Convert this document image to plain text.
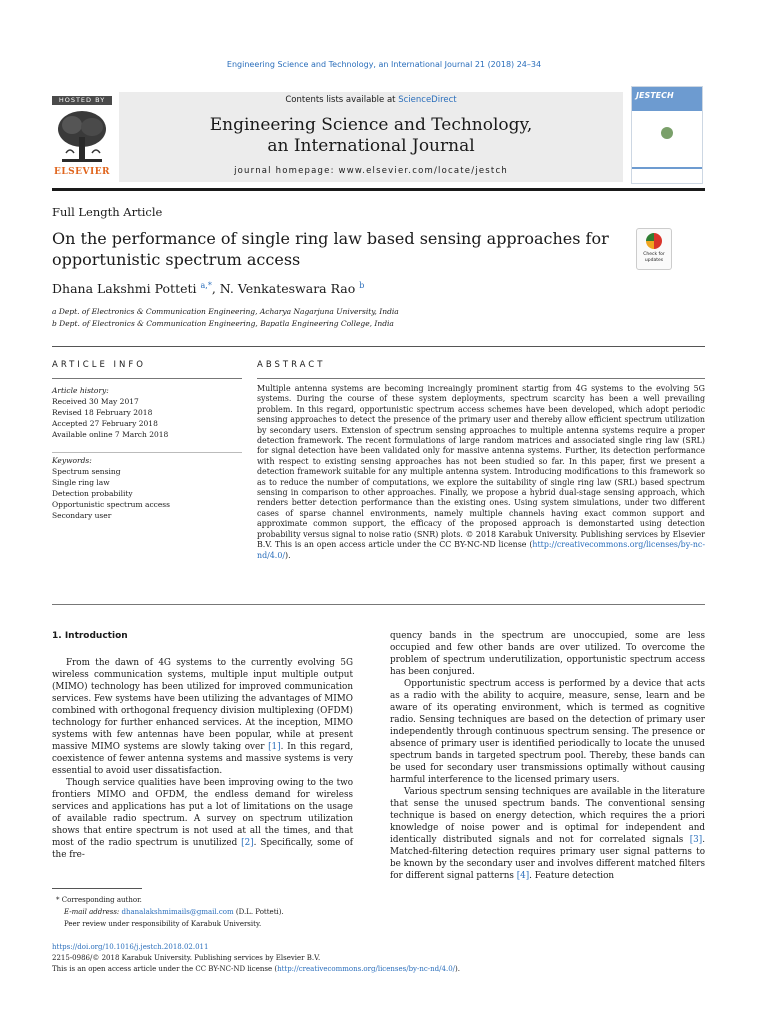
Engineering Science and Technology, an International Journal 21 (2018) 24–34
HOSTED BY
ELSEVIER
Contents lists available at ScienceDirect
Engineering Science and Technology,
an International Journal
journal homepage: www.elsevier.com/locate/jestch
JESTECH
Full Length Article
On the performance of single ring law based sensing approaches for opportunistic spectrum access	Check for updates
Dhana Lakshmi Potteti $^{a,*}$, N. Venkateswara Rao $^b$
a Dept. of Electronics & Communication Engineering, Acharya Nagarjuna University, India
b Dept. of Electronics & Communication Engineering, Bapatla Engineering College, India
ARTICLE INFO	ABSTRACT
Article history:
Received 30 May 2017
Revised 18 February 2018
Accepted 27 February 2018
Available online 7 March 2018
Keywords:
Spectrum sensing
Single ring law
Detection probability
Opportunistic spectrum access
Secondary user
Multiple antenna systems are becoming increaingly prominent startig from 4G systems to the evolving 5G systems. During the course of these system deployments, spectrum scarcity has been a well prevailing problem. In this regard, opportunistic spectrum access schemes have been developed, which adopt periodic sensing approaches to detect the presence of the primary user and thereby allow efficient spectrum utilization by secondary users. Extension of spectrum sensing approaches to multiple antenna systems require a proper detection framework. The recent formulations of large random matrices and associated single ring law (SRL) for signal detection have been validated only for massive antenna systems. Further, its detection performance with respect to existing sensing approaches has not been studied so far. In this paper, first we present a detection framework suitable for any multiple antenna system. Introducing modifications to this framework so as to reduce the number of computations, we explore the suitability of single ring law (SRL) based spectrum sensing in comparison to other approaches. Finally, we propose a hybrid dual-stage sensing approach, which renders better detection performance than the existing ones. Using system simulations, under two different cases of sparse channel environments, namely multiple channels having exact common support and approximate common support, the efficacy of the proposed approach is demonstarted using detection probability versus signal to noise ratio (SNR) plots. © 2018 Karabuk University. Publishing services by Elsevier B.V. This is an open access article under the CC BY-NC-ND license (http://creativecommons.org/licenses/by-nc-nd/4.0/).
1. Introduction

From the dawn of 4G systems to the currently evolving 5G wireless communication systems, multiple input multiple output (MIMO) technology has been utilized for improved communication services. Few systems have been utilizing the advantages of MIMO combined with orthogonal frequency division multiplexing (OFDM) technology for further enhanced services. At the inception, MIMO systems with few antennas have been popular, while at present massive MIMO systems are slowly taking over [1]. In this regard, coexistence of fewer antenna systems and massive systems is very essential to avoid user dissatisfaction.

Though service qualities have been improving owing to the two frontiers MIMO and OFDM, the endless demand for wireless services and applications has put a lot of limitations on the usage of available radio spectrum. A survey on spectrum utilization shows that entire spectrum is not used at all the times, and that most of the radio spectrum is unutilized [2]. Specifically, some of the fre-

quency bands in the spectrum are unoccupied, some are less occupied and few other bands are over utilized. To overcome the problem of spectrum underutilization, opportunistic spectrum access has been conjured.

Opportunistic spectrum access is performed by a device that acts as a radio with the ability to acquire, measure, sense, learn and be aware of its operating environment, which is termed as cognitive radio. Sensing techniques are based on the detection of primary user independently through continuous spectrum sensing. The presence or absence of primary user is identified periodically to locate the unused spectrum bands in targeted spectrum pool. Thereby, these bands can be used for secondary user transmissions optimally without causing harmful interference to the licensed primary users.

Various spectrum sensing techniques are available in the literature that sense the unused spectrum bands. The conventional sensing technique is based on energy detection, which requires the a priori knowledge of noise power and is optimal for independent and identically distributed signals and not for correlated signals [3]. Matched-filtering detection requires primary user signal patterns to be known by the secondary user and involves different matched filters for different signal patterns [4]. Feature detection

* Corresponding author.
E-mail address: dhanalakshmimails@gmail.com (D.L. Potteti).
Peer review under responsibility of Karabuk University.
https://doi.org/10.1016/j.jestch.2018.02.011
2215-0986/© 2018 Karabuk University. Publishing services by Elsevier B.V.
This is an open access article under the CC BY-NC-ND license (http://creativecommons.org/licenses/by-nc-nd/4.0/).
